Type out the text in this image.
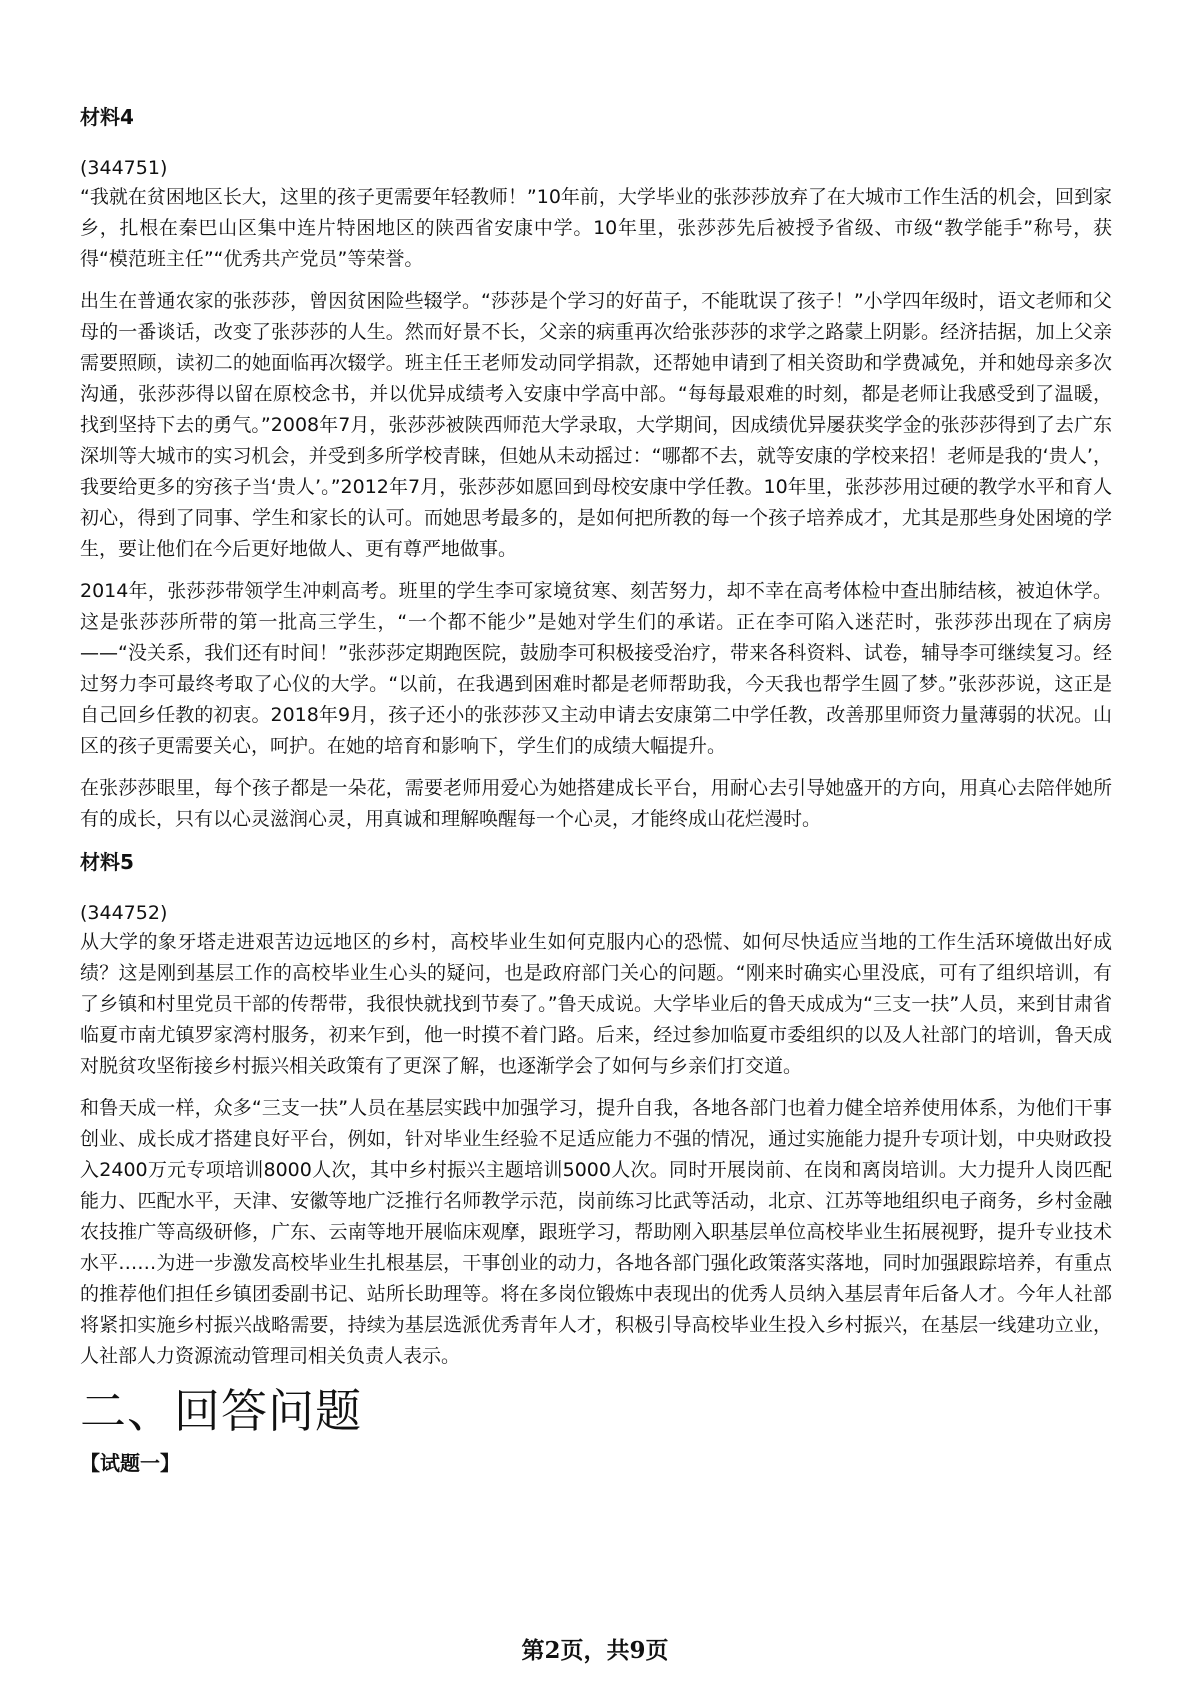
材料4

(344751)

“我就在贫困地区长大，这里的孩子更需要年轻教师！”10年前，大学毕业的张莎莎放弃了在大城市工作生活的机会，回到家乡，扎根在秦巴山区集中连片特困地区的陕西省安康中学。10年里，张莎莎先后被授予省级、市级“教学能手”称号，获得“模范班主任”“优秀共产党员”等荣誉。

出生在普通农家的张莎莎，曾因贫困险些辍学。“莎莎是个学习的好苗子，不能耽误了孩子！”小学四年级时，语文老师和父母的一番谈话，改变了张莎莎的人生。然而好景不长，父亲的病重再次给张莎莎的求学之路蒙上阴影。经济拮据，加上父亲需要照顾，读初二的她面临再次辍学。班主任王老师发动同学捐款，还帮她申请到了相关资助和学费减免，并和她母亲多次沟通，张莎莎得以留在原校念书，并以优异成绩考入安康中学高中部。“每每最艰难的时刻，都是老师让我感受到了温暖，找到坚持下去的勇气。”2008年7月，张莎莎被陕西师范大学录取，大学期间，因成绩优异屡获奖学金的张莎莎得到了去广东深圳等大城市的实习机会，并受到多所学校青睐，但她从未动摇过：“哪都不去，就等安康的学校来招！老师是我的‘贵人’，我要给更多的穷孩子当‘贵人’。”2012年7月，张莎莎如愿回到母校安康中学任教。10年里，张莎莎用过硬的教学水平和育人初心，得到了同事、学生和家长的认可。而她思考最多的，是如何把所教的每一个孩子培养成才，尤其是那些身处困境的学生，要让他们在今后更好地做人、更有尊严地做事。

2014年，张莎莎带领学生冲刺高考。班里的学生李可家境贫寒、刻苦努力，却不幸在高考体检中查出肺结核，被迫休学。这是张莎莎所带的第一批高三学生，“一个都不能少”是她对学生们的承诺。正在李可陷入迷茫时，张莎莎出现在了病房——“没关系，我们还有时间！”张莎莎定期跑医院，鼓励李可积极接受治疗，带来各科资料、试卷，辅导李可继续复习。经过努力李可最终考取了心仪的大学。“以前，在我遇到困难时都是老师帮助我，今天我也帮学生圆了梦。”张莎莎说，这正是自己回乡任教的初衷。2018年9月，孩子还小的张莎莎又主动申请去安康第二中学任教，改善那里师资力量薄弱的状况。山区的孩子更需要关心，呵护。在她的培育和影响下，学生们的成绩大幅提升。

在张莎莎眼里，每个孩子都是一朵花，需要老师用爱心为她搭建成长平台，用耐心去引导她盛开的方向，用真心去陪伴她所有的成长，只有以心灵滋润心灵，用真诚和理解唤醒每一个心灵，才能终成山花烂漫时。

材料5

(344752)

从大学的象牙塔走进艰苦边远地区的乡村，高校毕业生如何克服内心的恐慌、如何尽快适应当地的工作生活环境做出好成绩？这是刚到基层工作的高校毕业生心头的疑问，也是政府部门关心的问题。“刚来时确实心里没底，可有了组织培训，有了乡镇和村里党员干部的传帮带，我很快就找到节奏了。”鲁天成说。大学毕业后的鲁天成成为“三支一扶”人员，来到甘肃省临夏市南尤镇罗家湾村服务，初来乍到，他一时摸不着门路。后来，经过参加临夏市委组织的以及人社部门的培训，鲁天成对脱贫攻坚衔接乡村振兴相关政策有了更深了解，也逐渐学会了如何与乡亲们打交道。

和鲁天成一样，众多“三支一扶”人员在基层实践中加强学习，提升自我，各地各部门也着力健全培养使用体系，为他们干事创业、成长成才搭建良好平台，例如，针对毕业生经验不足适应能力不强的情况，通过实施能力提升专项计划，中央财政投入2400万元专项培训8000人次，其中乡村振兴主题培训5000人次。同时开展岗前、在岗和离岗培训。大力提升人岗匹配能力、匹配水平，天津、安徽等地广泛推行名师教学示范，岗前练习比武等活动，北京、江苏等地组织电子商务，乡村金融农技推广等高级研修，广东、云南等地开展临床观摩，跟班学习，帮助刚入职基层单位高校毕业生拓展视野，提升专业技术水平……为进一步激发高校毕业生扎根基层，干事创业的动力，各地各部门强化政策落实落地，同时加强跟踪培养，有重点的推荐他们担任乡镇团委副书记、站所长助理等。将在多岗位锻炼中表现出的优秀人员纳入基层青年后备人才。今年人社部将紧扣实施乡村振兴战略需要，持续为基层选派优秀青年人才，积极引导高校毕业生投入乡村振兴，在基层一线建功立业，人社部人力资源流动管理司相关负责人表示。

二、回答问题

【试题一】

第2页，共9页
